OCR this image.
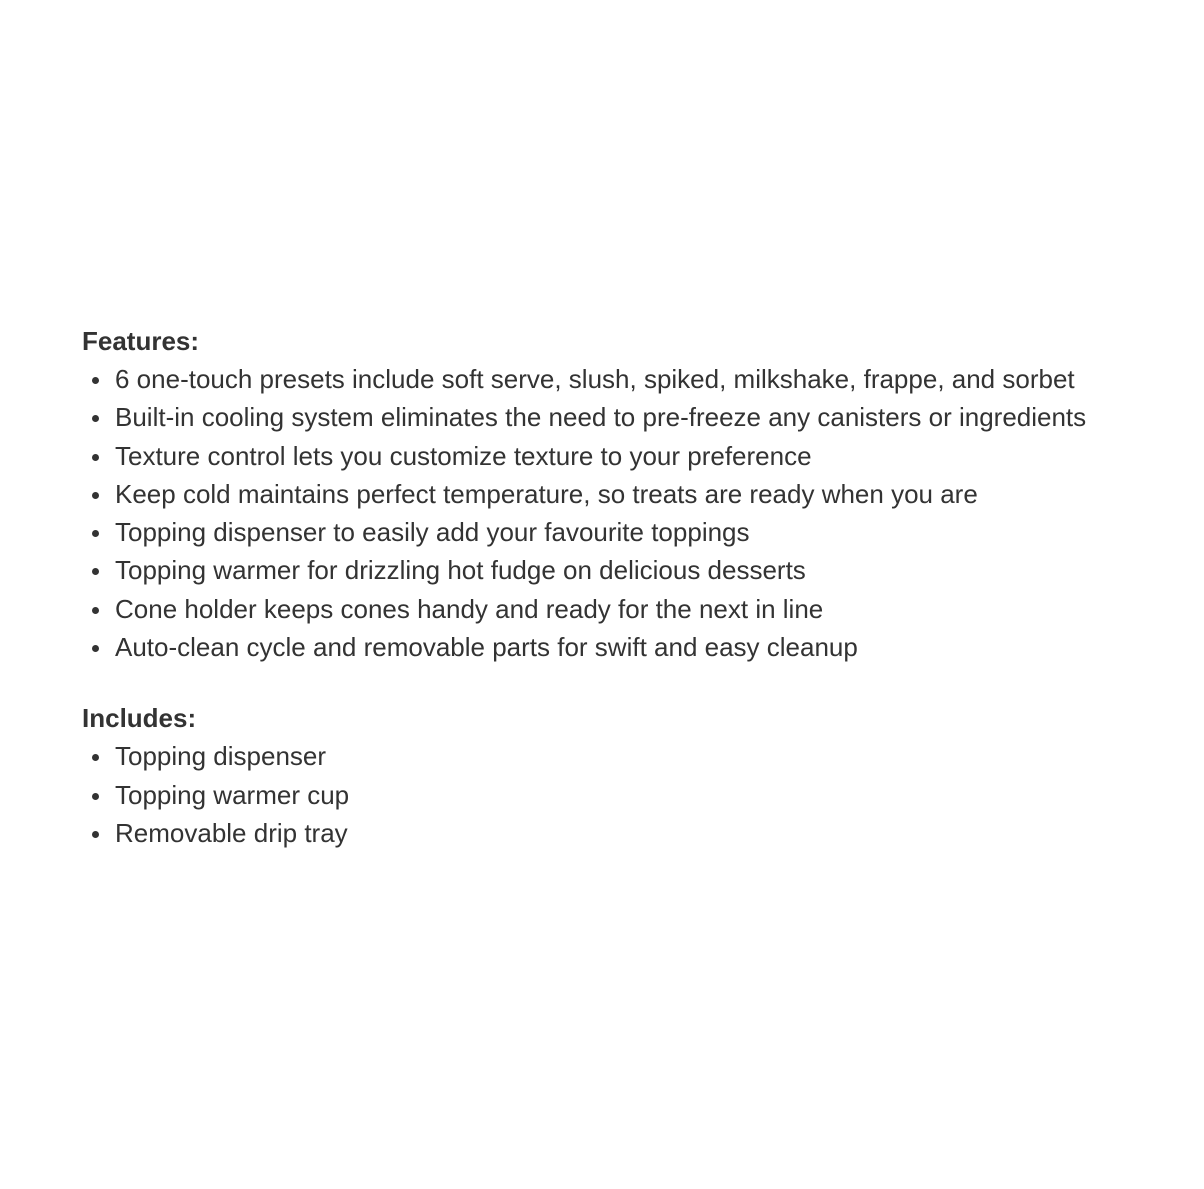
Features:
6 one-touch presets include soft serve, slush, spiked, milkshake, frappe, and sorbet
Built-in cooling system eliminates the need to pre-freeze any canisters or ingredients
Texture control lets you customize texture to your preference
Keep cold maintains perfect temperature, so treats are ready when you are
Topping dispenser to easily add your favourite toppings
Topping warmer for drizzling hot fudge on delicious desserts
Cone holder keeps cones handy and ready for the next in line
Auto-clean cycle and removable parts for swift and easy cleanup
Includes:
Topping dispenser
Topping warmer cup
Removable drip tray
